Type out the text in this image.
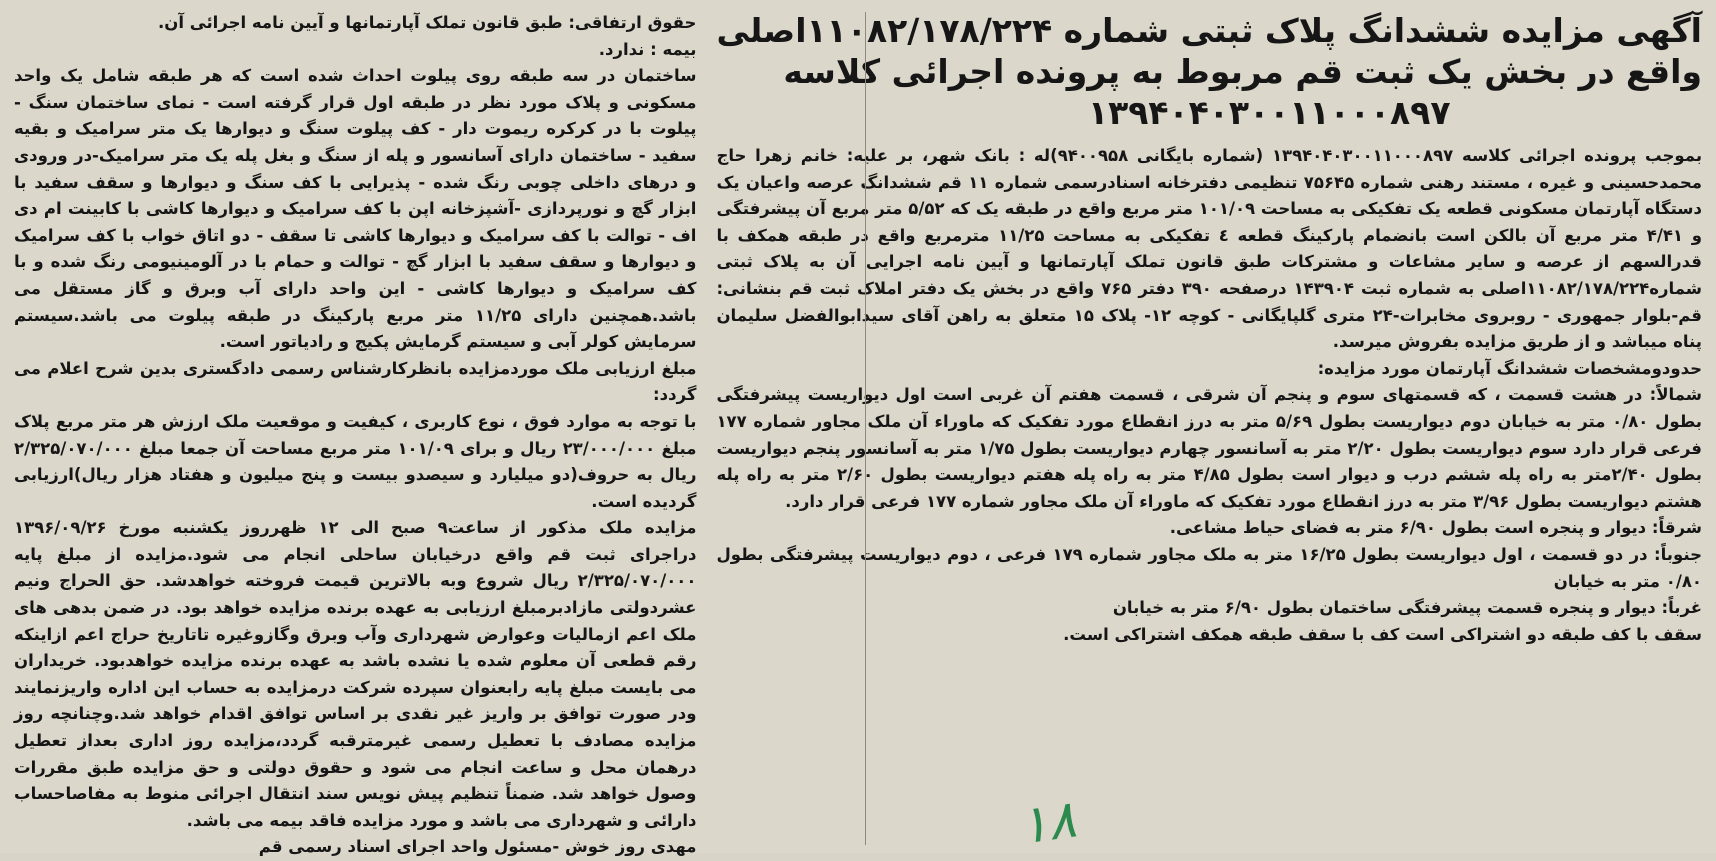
آگهی مزایده ششدانگ پلاک ثبتی شماره ۱۱۰۸۲/۱۷۸/۲۲۴اصلی
واقع در بخش یک ثبت قم مربوط به پرونده اجرائی کلاسه
۱۳۹۴۰۴۰۳۰۰۱۱۰۰۰۸۹۷

بموجب پرونده اجرائی کلاسه ۱۳۹۴۰۴۰۳۰۰۱۱۰۰۰۸۹۷ (شماره بایگانی ۹۴۰۰۹۵۸)له : بانک شهر، بر علیه: خانم زهرا حاج محمدحسینی و غیره ، مستند رهنی شماره ۷۵۶۴۵ تنظیمی دفترخانه اسنادرسمی شماره ۱۱ قم ششدانگ عرصه واعیان یک دستگاه آپارتمان مسکونی قطعه یک تفکیکی به مساحت ۱۰۱/۰۹ متر مربع واقع در طبقه یک که ۵/۵۲ متر مربع آن پیشرفتگی و ۴/۴۱ متر مربع آن بالکن است بانضمام پارکینگ قطعه ٤ تفکیکی به مساحت ۱۱/۲۵ مترمربع واقع در طبقه همکف با قدرالسهم از عرصه و سایر مشاعات و مشترکات طبق قانون تملک آپارتمانها و آیین نامه اجرایی آن به پلاک ثبتی شماره۱۱۰۸۲/۱۷۸/۲۲۴اصلی به شماره ثبت ۱۴۳۹۰۴ درصفحه ۳۹۰ دفتر ۷۶۵ واقع در بخش یک دفتر املاک ثبت قم بنشانی: قم-بلوار جمهوری - روبروی مخابرات-۲۴ متری گلپایگانی - کوچه ۱۲- پلاک ۱۵ متعلق به راهن آقای سیدابوالفضل سلیمان پناه میباشد و از طریق مزایده بفروش میرسد.

حدودومشخصات ششدانگ آپارتمان مورد مزایده:

شمالاً: در هشت قسمت ، که قسمتهای سوم و پنجم آن شرقی ، قسمت هفتم آن غربی است اول دیواریست پیشرفتگی بطول ۰/۸۰ متر به خیابان دوم دیواریست بطول ۵/۶۹ متر به درز انقطاع مورد تفکیک که ماوراء آن ملک مجاور شماره ۱۷۷ فرعی قرار دارد سوم دیواریست بطول ۲/۲۰ متر به آسانسور چهارم دیواریست بطول ۱/۷۵ متر به آسانسور پنجم دیواریست بطول ۲/۴۰متر به راه پله ششم درب و دیوار است بطول ۴/۸۵ متر به راه پله هفتم دیواریست بطول ۲/۶۰ متر به راه پله هشتم دیواریست بطول ۳/۹۶ متر به درز انقطاع مورد تفکیک که ماوراء آن ملک مجاور شماره ۱۷۷ فرعی قرار دارد.

شرقاً: دیوار و پنجره است بطول ۶/۹۰ متر به فضای حیاط مشاعی.

جنوباً: در دو قسمت ، اول دیواریست بطول ۱۶/۲۵ متر به ملک مجاور شماره ۱۷۹ فرعی ، دوم دیواریست پیشرفتگی بطول ۰/۸۰ متر به خیابان

غرباً: دیوار و پنجره قسمت پیشرفتگی ساختمان بطول ۶/۹۰ متر به خیابان

سقف با کف طبقه دو اشتراکی است کف با سقف طبقه همکف اشتراکی است.

حقوق ارتفاقی: طبق قانون تملک آپارتمانها و آیین نامه اجرائی آن.

بیمه : ندارد.

ساختمان در سه طبقه روی پیلوت احداث شده است که هر طبقه شامل یک واحد مسکونی و پلاک مورد نظر در طبقه اول قرار گرفته است - نمای ساختمان سنگ - پیلوت با در کرکره ریموت دار - کف پیلوت سنگ و دیوارها یک متر سرامیک و بقیه سفید - ساختمان دارای آسانسور و پله از سنگ و بغل پله یک متر سرامیک-در ورودی و درهای داخلی چوبی رنگ شده - پذیرایی با کف سنگ و دیوارها و سقف سفید با ابزار گچ و نورپردازی -آشپزخانه اپن با کف سرامیک و دیوارها کاشی با کابینت ام دی اف - توالت با کف سرامیک و دیوارها کاشی تا سقف - دو اتاق خواب با کف سرامیک و دیوارها و سقف سفید با ابزار گچ - توالت و حمام با در آلومینیومی رنگ شده و با کف سرامیک و دیوارها کاشی - این واحد دارای آب وبرق و گاز مستقل می باشد.همچنین دارای ۱۱/۲۵ متر مربع پارکینگ در طبقه پیلوت می باشد.سیستم سرمایش کولر آبی و سیستم گرمایش پکیج و رادیاتور است.

مبلغ ارزیابی ملک موردمزایده بانظرکارشناس رسمی دادگستری بدین شرح اعلام می گردد:

با توجه به موارد فوق ، نوع کاربری ، کیفیت و موقعیت ملک ارزش هر متر مربع پلاک مبلغ ۲۳/۰۰۰/۰۰۰ ریال و برای ۱۰۱/۰۹ متر مربع مساحت آن جمعا مبلغ ۲/۳۲۵/۰۷۰/۰۰۰ ریال به حروف(دو میلیارد و سیصدو بیست و پنج میلیون و هفتاد هزار ریال)ارزیابی گردیده است.

مزایده ملک مذکور از ساعت۹ صبح الی ۱۲ ظهرروز یکشنبه مورخ ۱۳۹۶/۰۹/۲۶ دراجرای ثبت قم واقع درخیابان ساحلی انجام می شود.مزایده از مبلغ پایه ۲/۳۲۵/۰۷۰/۰۰۰ ریال شروع وبه بالاترین قیمت فروخته خواهدشد. حق الحراج ونیم عشردولتی مازادبرمبلغ ارزیابی به عهده برنده مزایده خواهد بود. در ضمن بدهی های ملک اعم ازمالیات وعوارض شهرداری وآب وبرق وگازوغیره تاتاریخ حراج اعم ازاینکه رقم قطعی آن معلوم شده یا نشده باشد به عهده برنده مزایده خواهدبود. خریداران می بایست مبلغ پایه رابعنوان سپرده شرکت درمزایده به حساب این اداره واریزنمایند ودر صورت توافق بر واریز غیر نقدی بر اساس توافق اقدام خواهد شد.وچنانچه روز مزایده مصادف با تعطیل رسمی غیرمترقبه گردد،مزایده روز اداری بعداز تعطیل درهمان محل و ساعت انجام می شود و حقوق دولتی و حق مزایده طبق مقررات وصول خواهد شد. ضمناً تنظیم پیش نویس سند انتقال اجرائی منوط به مفاصاحساب دارائی و شهرداری می باشد و مورد مزایده فاقد بیمه می باشد.

مهدی روز خوش -مسئول واحد اجرای اسناد رسمی قم	۱۸
